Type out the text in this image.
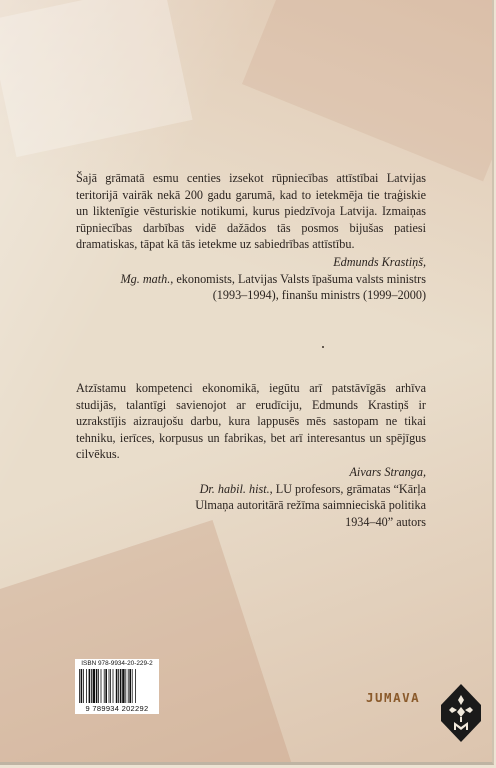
Šajā grāmatā esmu centies izsekot rūpniecības attīstībai Latvijas teritorijā vairāk nekā 200 gadu garumā, kad to ietekmēja tie traģiskie un liktenīgie vēsturiskie notikumi, kurus piedzīvoja Latvija. Izmaiņas rūpniecības darbības vidē dažādos tās posmos bijušas patiesi dramatiskas, tāpat kā tās ietekme uz sabiedrības attīstību.

Edmunds Krastiņš,
Mg. math., ekonomists, Latvijas Valsts īpašuma valsts ministrs (1993–1994), finanšu ministrs (1999–2000)

Atzīstamu kompetenci ekonomikā, iegūtu arī patstāvīgās arhīva studijās, talantīgi savienojot ar erudīciju, Edmunds Krastiņš ir uzrakstījis aizraujošu darbu, kura lappusēs mēs sastopam ne tikai tehniku, ierīces, korpusus un fabrikas, bet arī interesantus un spējīgus cilvēkus.

Aivars Stranga,
Dr. habil. hist., LU profesors, grāmatas “Kārļa Ulmaņa autoritārā režīma saimnieciskā politika 1934–40” autors
ISBN 978-9934-20-229-2
9 789934 202292
JUMAVA
